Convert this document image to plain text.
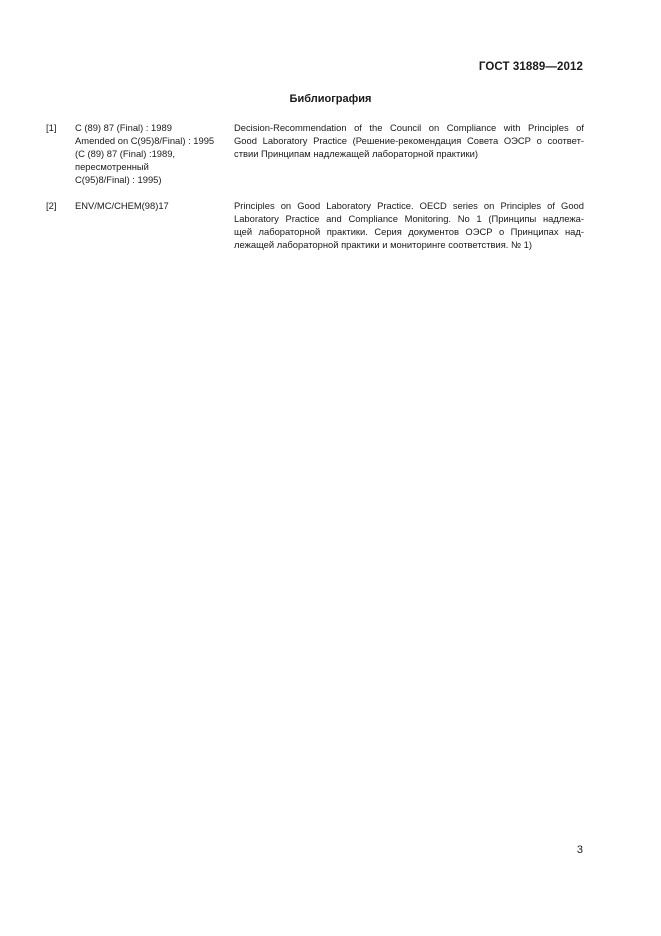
ГОСТ 31889—2012
Библиография
[1] C (89) 87 (Final) : 1989
Amended on C(95)8/Final) : 1995
(C (89) 87 (Final) :1989,
пересмотренный
C(95)8/Final) : 1995)
Decision-Recommendation of the Council on Compliance with Principles of
Good Laboratory Practice (Решение-рекомендация Совета ОЭСР о соответ-
ствии Принципам надлежащей лабораторной практики)
[2] ENV/MC/CHEM(98)17	Principles on Good Laboratory Practice. OECD series on Principles of Good
Laboratory Practice and Compliance Monitoring. No 1 (Принципы надлежа-
щей лабораторной практики. Серия документов ОЭСР о Принципах над-
лежащей лабораторной практики и мониторинге соответствия. № 1)
3
